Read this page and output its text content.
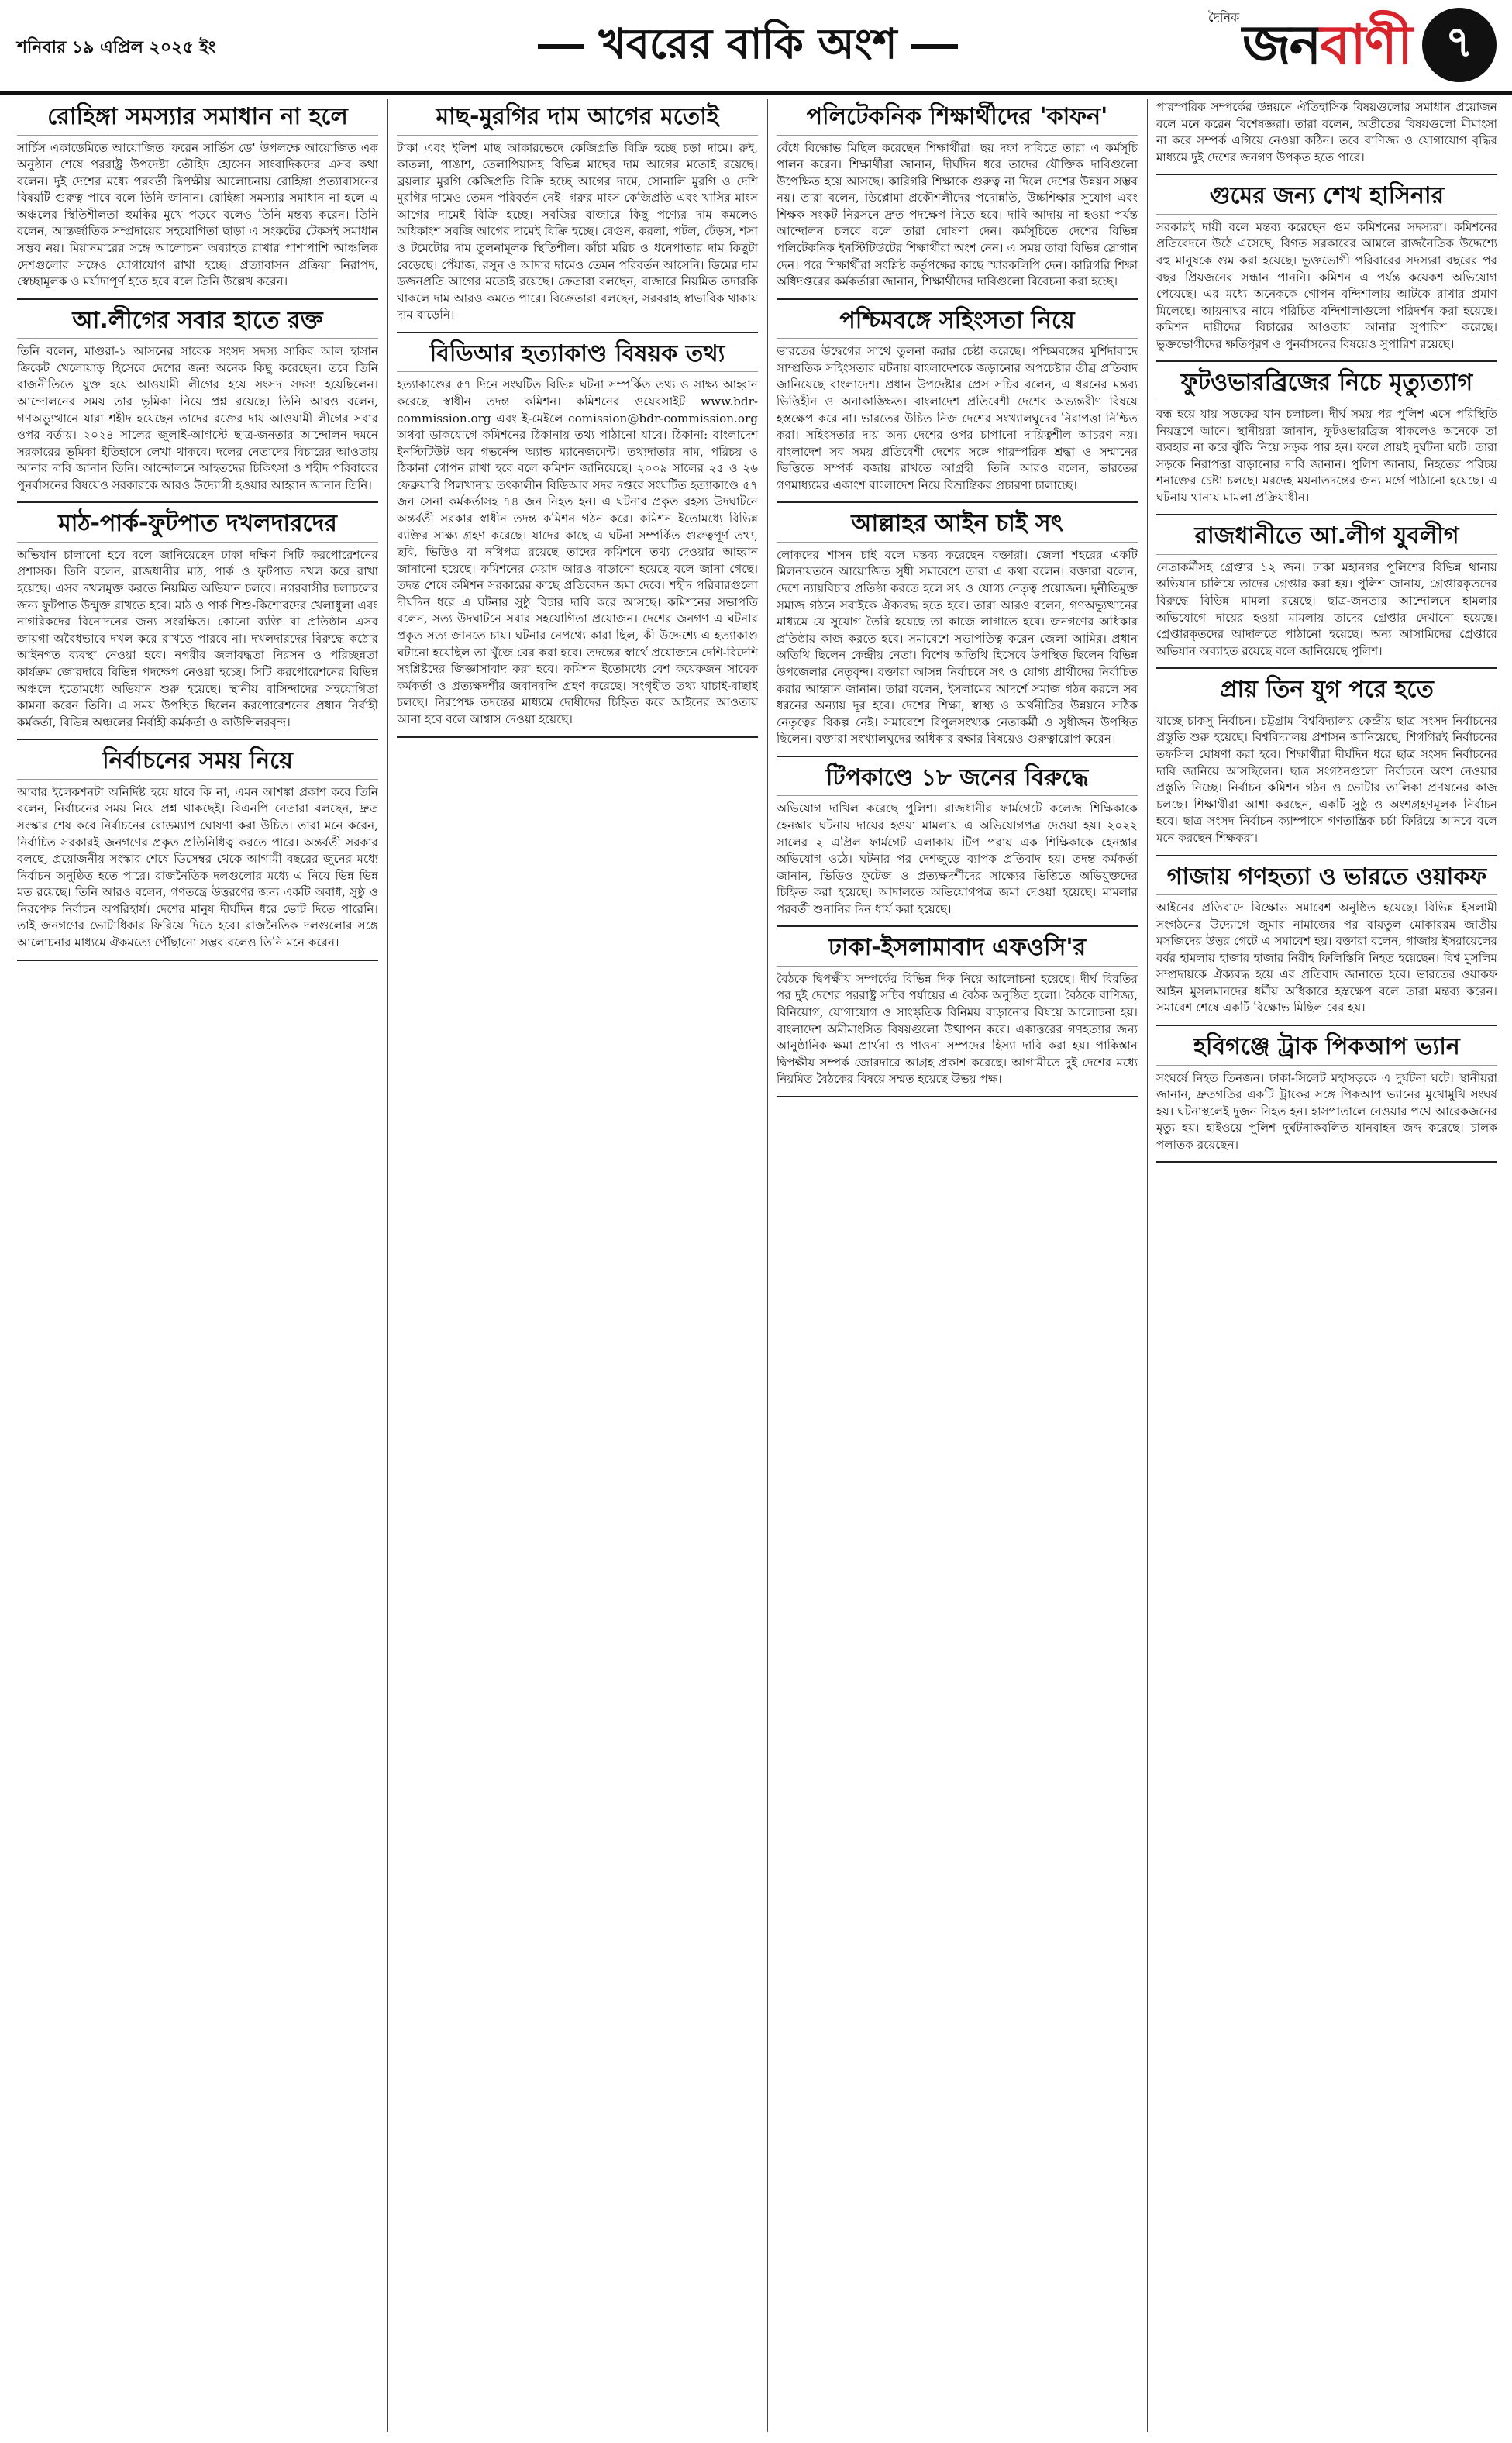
শনিবার ১৯ এপ্রিল ২০২৫ ইং	খবরের বাকি অংশ
দৈনিক জনবাণী ৭
রোহিঙ্গা সমস্যার সমাধান না হলে
সার্চিস একাডেমিতে আয়োজিত 'ফরেন সার্ভিস ডে' উপলক্ষে আয়োজিত এক অনুষ্ঠান শেষে পররাষ্ট্র উপদেষ্টা তৌহিদ হোসেন সাংবাদিকদের এসব কথা বলেন। দুই দেশের মধ্যে পরবর্তী দ্বিপক্ষীয় আলোচনায় রোহিঙ্গা প্রত্যাবাসনের বিষয়টি গুরুত্ব পাবে বলে তিনি জানান। রোহিঙ্গা সমস্যার সমাধান না হলে এ অঞ্চলের স্থিতিশীলতা হুমকির মুখে পড়বে বলেও তিনি মন্তব্য করেন। তিনি বলেন, আন্তর্জাতিক সম্প্রদায়ের সহযোগিতা ছাড়া এ সংকটের টেকসই সমাধান সম্ভব নয়। মিয়ানমারের সঙ্গে আলোচনা অব্যাহত রাখার পাশাপাশি আঞ্চলিক দেশগুলোর সঙ্গেও যোগাযোগ রাখা হচ্ছে। প্রত্যাবাসন প্রক্রিয়া নিরাপদ, স্বেচ্ছামূলক ও মর্যাদাপূর্ণ হতে হবে বলে তিনি উল্লেখ করেন।
আ.লীগের সবার হাতে রক্ত
তিনি বলেন, মাগুরা-১ আসনের সাবেক সংসদ সদস্য সাকিব আল হাসান ক্রিকেট খেলোয়াড় হিসেবে দেশের জন্য অনেক কিছু করেছেন। তবে তিনি রাজনীতিতে যুক্ত হয়ে আওয়ামী লীগের হয়ে সংসদ সদস্য হয়েছিলেন। আন্দোলনের সময় তার ভূমিকা নিয়ে প্রশ্ন রয়েছে। তিনি আরও বলেন, গণঅভ্যুত্থানে যারা শহীদ হয়েছেন তাদের রক্তের দায় আওয়ামী লীগের সবার ওপর বর্তায়। ২০২৪ সালের জুলাই-আগস্টে ছাত্র-জনতার আন্দোলন দমনে সরকারের ভূমিকা ইতিহাসে লেখা থাকবে। দলের নেতাদের বিচারের আওতায় আনার দাবি জানান তিনি। আন্দোলনে আহতদের চিকিৎসা ও শহীদ পরিবারের পুনর্বাসনের বিষয়েও সরকারকে আরও উদ্যোগী হওয়ার আহ্বান জানান তিনি।
মাঠ-পার্ক-ফুটপাত দখলদারদের
অভিযান চালানো হবে বলে জানিয়েছেন ঢাকা দক্ষিণ সিটি করপোরেশনের প্রশাসক। তিনি বলেন, রাজধানীর মাঠ, পার্ক ও ফুটপাত দখল করে রাখা হয়েছে। এসব দখলমুক্ত করতে নিয়মিত অভিযান চলবে। নগরবাসীর চলাচলের জন্য ফুটপাত উন্মুক্ত রাখতে হবে। মাঠ ও পার্ক শিশু-কিশোরদের খেলাধুলা এবং নাগরিকদের বিনোদনের জন্য সংরক্ষিত। কোনো ব্যক্তি বা প্রতিষ্ঠান এসব জায়গা অবৈধভাবে দখল করে রাখতে পারবে না। দখলদারদের বিরুদ্ধে কঠোর আইনগত ব্যবস্থা নেওয়া হবে। নগরীর জলাবদ্ধতা নিরসন ও পরিচ্ছন্নতা কার্যক্রম জোরদারে বিভিন্ন পদক্ষেপ নেওয়া হচ্ছে। সিটি করপোরেশনের বিভিন্ন অঞ্চলে ইতোমধ্যে অভিযান শুরু হয়েছে। স্থানীয় বাসিন্দাদের সহযোগিতা কামনা করেন তিনি। এ সময় উপস্থিত ছিলেন করপোরেশনের প্রধান নির্বাহী কর্মকর্তা, বিভিন্ন অঞ্চলের নির্বাহী কর্মকর্তা ও কাউন্সিলরবৃন্দ।
নির্বাচনের সময় নিয়ে
আবার ইলেকশনটা অনির্দিষ্ট হয়ে যাবে কি না, এমন আশঙ্কা প্রকাশ করে তিনি বলেন, নির্বাচনের সময় নিয়ে প্রশ্ন থাকছেই। বিএনপি নেতারা বলছেন, দ্রুত সংস্কার শেষ করে নির্বাচনের রোডম্যাপ ঘোষণা করা উচিত। তারা মনে করেন, নির্বাচিত সরকারই জনগণের প্রকৃত প্রতিনিধিত্ব করতে পারে। অন্তর্বর্তী সরকার বলছে, প্রয়োজনীয় সংস্কার শেষে ডিসেম্বর থেকে আগামী বছরের জুনের মধ্যে নির্বাচন অনুষ্ঠিত হতে পারে। রাজনৈতিক দলগুলোর মধ্যে এ নিয়ে ভিন্ন ভিন্ন মত রয়েছে। তিনি আরও বলেন, গণতন্ত্রে উত্তরণের জন্য একটি অবাধ, সুষ্ঠু ও নিরপেক্ষ নির্বাচন অপরিহার্য। দেশের মানুষ দীর্ঘদিন ধরে ভোট দিতে পারেনি। তাই জনগণের ভোটাধিকার ফিরিয়ে দিতে হবে। রাজনৈতিক দলগুলোর সঙ্গে আলোচনার মাধ্যমে ঐকমত্যে পৌঁছানো সম্ভব বলেও তিনি মনে করেন।
মাছ-মুরগির দাম আগের মতোই
টাকা এবং ইলিশ মাছ আকারভেদে কেজিপ্রতি বিক্রি হচ্ছে চড়া দামে। রুই, কাতলা, পাঙাশ, তেলাপিয়াসহ বিভিন্ন মাছের দাম আগের মতোই রয়েছে। ব্রয়লার মুরগি কেজিপ্রতি বিক্রি হচ্ছে আগের দামে, সোনালি মুরগি ও দেশি মুরগির দামেও তেমন পরিবর্তন নেই। গরুর মাংস কেজিপ্রতি এবং খাসির মাংস আগের দামেই বিক্রি হচ্ছে। সবজির বাজারে কিছু পণ্যের দাম কমলেও অধিকাংশ সবজি আগের দামেই বিক্রি হচ্ছে। বেগুন, করলা, পটল, ঢেঁড়স, শসা ও টমেটোর দাম তুলনামূলক স্থিতিশীল। কাঁচা মরিচ ও ধনেপাতার দাম কিছুটা বেড়েছে। পেঁয়াজ, রসুন ও আদার দামেও তেমন পরিবর্তন আসেনি। ডিমের দাম ডজনপ্রতি আগের মতোই রয়েছে। ক্রেতারা বলছেন, বাজারে নিয়মিত তদারকি থাকলে দাম আরও কমতে পারে। বিক্রেতারা বলছেন, সরবরাহ স্বাভাবিক থাকায় দাম বাড়েনি।
বিডিআর হত্যাকাণ্ড বিষয়ক তথ্য
হত্যাকাণ্ডের ৫৭ দিনে সংঘটিত বিভিন্ন ঘটনা সম্পর্কিত তথ্য ও সাক্ষ্য আহ্বান করেছে স্বাধীন তদন্ত কমিশন। কমিশনের ওয়েবসাইট www.bdr-commission.org এবং ই-মেইলে comission@bdr-commission.org অথবা ডাকযোগে কমিশনের ঠিকানায় তথ্য পাঠানো যাবে। ঠিকানা: বাংলাদেশ ইনস্টিটিউট অব গভর্নেন্স অ্যান্ড ম্যানেজমেন্ট। তথ্যদাতার নাম, পরিচয় ও ঠিকানা গোপন রাখা হবে বলে কমিশন জানিয়েছে। ২০০৯ সালের ২৫ ও ২৬ ফেব্রুয়ারি পিলখানায় তৎকালীন বিডিআর সদর দপ্তরে সংঘটিত হত্যাকাণ্ডে ৫৭ জন সেনা কর্মকর্তাসহ ৭৪ জন নিহত হন। এ ঘটনার প্রকৃত রহস্য উদঘাটনে অন্তর্বর্তী সরকার স্বাধীন তদন্ত কমিশন গঠন করে। কমিশন ইতোমধ্যে বিভিন্ন ব্যক্তির সাক্ষ্য গ্রহণ করেছে। যাদের কাছে এ ঘটনা সম্পর্কিত গুরুত্বপূর্ণ তথ্য, ছবি, ভিডিও বা নথিপত্র রয়েছে তাদের কমিশনে তথ্য দেওয়ার আহ্বান জানানো হয়েছে। কমিশনের মেয়াদ আরও বাড়ানো হয়েছে বলে জানা গেছে। তদন্ত শেষে কমিশন সরকারের কাছে প্রতিবেদন জমা দেবে। শহীদ পরিবারগুলো দীর্ঘদিন ধরে এ ঘটনার সুষ্ঠু বিচার দাবি করে আসছে। কমিশনের সভাপতি বলেন, সত্য উদঘাটনে সবার সহযোগিতা প্রয়োজন। দেশের জনগণ এ ঘটনার প্রকৃত সত্য জানতে চায়। ঘটনার নেপথ্যে কারা ছিল, কী উদ্দেশ্যে এ হত্যাকাণ্ড ঘটানো হয়েছিল তা খুঁজে বের করা হবে। তদন্তের স্বার্থে প্রয়োজনে দেশি-বিদেশি সংশ্লিষ্টদের জিজ্ঞাসাবাদ করা হবে। কমিশন ইতোমধ্যে বেশ কয়েকজন সাবেক কর্মকর্তা ও প্রত্যক্ষদর্শীর জবানবন্দি গ্রহণ করেছে। সংগৃহীত তথ্য যাচাই-বাছাই চলছে। নিরপেক্ষ তদন্তের মাধ্যমে দোষীদের চিহ্নিত করে আইনের আওতায় আনা হবে বলে আশ্বাস দেওয়া হয়েছে।
পলিটেকনিক শিক্ষার্থীদের 'কাফন'
বেঁধে বিক্ষোভ মিছিল করেছেন শিক্ষার্থীরা। ছয় দফা দাবিতে তারা এ কর্মসূচি পালন করেন। শিক্ষার্থীরা জানান, দীর্ঘদিন ধরে তাদের যৌক্তিক দাবিগুলো উপেক্ষিত হয়ে আসছে। কারিগরি শিক্ষাকে গুরুত্ব না দিলে দেশের উন্নয়ন সম্ভব নয়। তারা বলেন, ডিপ্লোমা প্রকৌশলীদের পদোন্নতি, উচ্চশিক্ষার সুযোগ এবং শিক্ষক সংকট নিরসনে দ্রুত পদক্ষেপ নিতে হবে। দাবি আদায় না হওয়া পর্যন্ত আন্দোলন চলবে বলে তারা ঘোষণা দেন। কর্মসূচিতে দেশের বিভিন্ন পলিটেকনিক ইনস্টিটিউটের শিক্ষার্থীরা অংশ নেন। এ সময় তারা বিভিন্ন স্লোগান দেন। পরে শিক্ষার্থীরা সংশ্লিষ্ট কর্তৃপক্ষের কাছে স্মারকলিপি দেন। কারিগরি শিক্ষা অধিদপ্তরের কর্মকর্তারা জানান, শিক্ষার্থীদের দাবিগুলো বিবেচনা করা হচ্ছে।
পশ্চিমবঙ্গে সহিংসতা নিয়ে
ভারতের উদ্বেগের সাথে তুলনা করার চেষ্টা করেছে। পশ্চিমবঙ্গের মুর্শিদাবাদে সাম্প্রতিক সহিংসতার ঘটনায় বাংলাদেশকে জড়ানোর অপচেষ্টার তীব্র প্রতিবাদ জানিয়েছে বাংলাদেশ। প্রধান উপদেষ্টার প্রেস সচিব বলেন, এ ধরনের মন্তব্য ভিত্তিহীন ও অনাকাঙ্ক্ষিত। বাংলাদেশ প্রতিবেশী দেশের অভ্যন্তরীণ বিষয়ে হস্তক্ষেপ করে না। ভারতের উচিত নিজ দেশের সংখ্যালঘুদের নিরাপত্তা নিশ্চিত করা। সহিংসতার দায় অন্য দেশের ওপর চাপানো দায়িত্বশীল আচরণ নয়। বাংলাদেশ সব সময় প্রতিবেশী দেশের সঙ্গে পারস্পরিক শ্রদ্ধা ও সম্মানের ভিত্তিতে সম্পর্ক বজায় রাখতে আগ্রহী। তিনি আরও বলেন, ভারতের গণমাধ্যমের একাংশ বাংলাদেশ নিয়ে বিভ্রান্তিকর প্রচারণা চালাচ্ছে।
আল্লাহর আইন চাই সৎ
লোকদের শাসন চাই বলে মন্তব্য করেছেন বক্তারা। জেলা শহরের একটি মিলনায়তনে আয়োজিত সুধী সমাবেশে তারা এ কথা বলেন। বক্তারা বলেন, দেশে ন্যায়বিচার প্রতিষ্ঠা করতে হলে সৎ ও যোগ্য নেতৃত্ব প্রয়োজন। দুর্নীতিমুক্ত সমাজ গঠনে সবাইকে ঐক্যবদ্ধ হতে হবে। তারা আরও বলেন, গণঅভ্যুত্থানের মাধ্যমে যে সুযোগ তৈরি হয়েছে তা কাজে লাগাতে হবে। জনগণের অধিকার প্রতিষ্ঠায় কাজ করতে হবে। সমাবেশে সভাপতিত্ব করেন জেলা আমির। প্রধান অতিথি ছিলেন কেন্দ্রীয় নেতা। বিশেষ অতিথি হিসেবে উপস্থিত ছিলেন বিভিন্ন উপজেলার নেতৃবৃন্দ। বক্তারা আসন্ন নির্বাচনে সৎ ও যোগ্য প্রার্থীদের নির্বাচিত করার আহ্বান জানান। তারা বলেন, ইসলামের আদর্শে সমাজ গঠন করলে সব ধরনের অন্যায় দূর হবে। দেশের শিক্ষা, স্বাস্থ্য ও অর্থনীতির উন্নয়নে সঠিক নেতৃত্বের বিকল্প নেই। সমাবেশে বিপুলসংখ্যক নেতাকর্মী ও সুধীজন উপস্থিত ছিলেন। বক্তারা সংখ্যালঘুদের অধিকার রক্ষার বিষয়েও গুরুত্বারোপ করেন।
টিপকাণ্ডে ১৮ জনের বিরুদ্ধে
অভিযোগ দাখিল করেছে পুলিশ। রাজধানীর ফার্মগেটে কলেজ শিক্ষিকাকে হেনস্তার ঘটনায় দায়ের হওয়া মামলায় এ অভিযোগপত্র দেওয়া হয়। ২০২২ সালের ২ এপ্রিল ফার্মগেট এলাকায় টিপ পরায় এক শিক্ষিকাকে হেনস্তার অভিযোগ ওঠে। ঘটনার পর দেশজুড়ে ব্যাপক প্রতিবাদ হয়। তদন্ত কর্মকর্তা জানান, ভিডিও ফুটেজ ও প্রত্যক্ষদর্শীদের সাক্ষ্যের ভিত্তিতে অভিযুক্তদের চিহ্নিত করা হয়েছে। আদালতে অভিযোগপত্র জমা দেওয়া হয়েছে। মামলার পরবর্তী শুনানির দিন ধার্য করা হয়েছে।
ঢাকা-ইসলামাবাদ এফওসি'র
বৈঠকে দ্বিপক্ষীয় সম্পর্কের বিভিন্ন দিক নিয়ে আলোচনা হয়েছে। দীর্ঘ বিরতির পর দুই দেশের পররাষ্ট্র সচিব পর্যায়ের এ বৈঠক অনুষ্ঠিত হলো। বৈঠকে বাণিজ্য, বিনিয়োগ, যোগাযোগ ও সাংস্কৃতিক বিনিময় বাড়ানোর বিষয়ে আলোচনা হয়। বাংলাদেশ অমীমাংসিত বিষয়গুলো উত্থাপন করে। একাত্তরের গণহত্যার জন্য আনুষ্ঠানিক ক্ষমা প্রার্থনা ও পাওনা সম্পদের হিস্যা দাবি করা হয়। পাকিস্তান দ্বিপক্ষীয় সম্পর্ক জোরদারে আগ্রহ প্রকাশ করেছে। আগামীতে দুই দেশের মধ্যে নিয়মিত বৈঠকের বিষয়ে সম্মত হয়েছে উভয় পক্ষ।
পারস্পরিক সম্পর্কের উন্নয়নে ঐতিহাসিক বিষয়গুলোর সমাধান প্রয়োজন বলে মনে করেন বিশেষজ্ঞরা। তারা বলেন, অতীতের বিষয়গুলো মীমাংসা না করে সম্পর্ক এগিয়ে নেওয়া কঠিন। তবে বাণিজ্য ও যোগাযোগ বৃদ্ধির মাধ্যমে দুই দেশের জনগণ উপকৃত হতে পারে।
গুমের জন্য শেখ হাসিনার
সরকারই দায়ী বলে মন্তব্য করেছেন গুম কমিশনের সদস্যরা। কমিশনের প্রতিবেদনে উঠে এসেছে, বিগত সরকারের আমলে রাজনৈতিক উদ্দেশ্যে বহু মানুষকে গুম করা হয়েছে। ভুক্তভোগী পরিবারের সদস্যরা বছরের পর বছর প্রিয়জনের সন্ধান পাননি। কমিশন এ পর্যন্ত কয়েকশ অভিযোগ পেয়েছে। এর মধ্যে অনেককে গোপন বন্দিশালায় আটকে রাখার প্রমাণ মিলেছে। আয়নাঘর নামে পরিচিত বন্দিশালাগুলো পরিদর্শন করা হয়েছে। কমিশন দায়ীদের বিচারের আওতায় আনার সুপারিশ করেছে। ভুক্তভোগীদের ক্ষতিপূরণ ও পুনর্বাসনের বিষয়েও সুপারিশ রয়েছে।
ফুটওভারব্রিজের নিচে মৃত্যুত্যাগ
বন্ধ হয়ে যায় সড়কের যান চলাচল। দীর্ঘ সময় পর পুলিশ এসে পরিস্থিতি নিয়ন্ত্রণে আনে। স্থানীয়রা জানান, ফুটওভারব্রিজ থাকলেও অনেকে তা ব্যবহার না করে ঝুঁকি নিয়ে সড়ক পার হন। ফলে প্রায়ই দুর্ঘটনা ঘটে। তারা সড়কে নিরাপত্তা বাড়ানোর দাবি জানান। পুলিশ জানায়, নিহতের পরিচয় শনাক্তের চেষ্টা চলছে। মরদেহ ময়নাতদন্তের জন্য মর্গে পাঠানো হয়েছে। এ ঘটনায় থানায় মামলা প্রক্রিয়াধীন।
রাজধানীতে আ.লীগ যুবলীগ
নেতাকর্মীসহ গ্রেপ্তার ১২ জন। ঢাকা মহানগর পুলিশের বিভিন্ন থানায় অভিযান চালিয়ে তাদের গ্রেপ্তার করা হয়। পুলিশ জানায়, গ্রেপ্তারকৃতদের বিরুদ্ধে বিভিন্ন মামলা রয়েছে। ছাত্র-জনতার আন্দোলনে হামলার অভিযোগে দায়ের হওয়া মামলায় তাদের গ্রেপ্তার দেখানো হয়েছে। গ্রেপ্তারকৃতদের আদালতে পাঠানো হয়েছে। অন্য আসামিদের গ্রেপ্তারে অভিযান অব্যাহত রয়েছে বলে জানিয়েছে পুলিশ।
প্রায় তিন যুগ পরে হতে
যাচ্ছে চাকসু নির্বাচন। চট্টগ্রাম বিশ্ববিদ্যালয় কেন্দ্রীয় ছাত্র সংসদ নির্বাচনের প্রস্তুতি শুরু হয়েছে। বিশ্ববিদ্যালয় প্রশাসন জানিয়েছে, শিগগিরই নির্বাচনের তফসিল ঘোষণা করা হবে। শিক্ষার্থীরা দীর্ঘদিন ধরে ছাত্র সংসদ নির্বাচনের দাবি জানিয়ে আসছিলেন। ছাত্র সংগঠনগুলো নির্বাচনে অংশ নেওয়ার প্রস্তুতি নিচ্ছে। নির্বাচন কমিশন গঠন ও ভোটার তালিকা প্রণয়নের কাজ চলছে। শিক্ষার্থীরা আশা করছেন, একটি সুষ্ঠু ও অংশগ্রহণমূলক নির্বাচন হবে। ছাত্র সংসদ নির্বাচন ক্যাম্পাসে গণতান্ত্রিক চর্চা ফিরিয়ে আনবে বলে মনে করছেন শিক্ষকরা।
গাজায় গণহত্যা ও ভারতে ওয়াকফ
আইনের প্রতিবাদে বিক্ষোভ সমাবেশ অনুষ্ঠিত হয়েছে। বিভিন্ন ইসলামী সংগঠনের উদ্যোগে জুমার নামাজের পর বায়তুল মোকাররম জাতীয় মসজিদের উত্তর গেটে এ সমাবেশ হয়। বক্তারা বলেন, গাজায় ইসরায়েলের বর্বর হামলায় হাজার হাজার নিরীহ ফিলিস্তিনি নিহত হয়েছেন। বিশ্ব মুসলিম সম্প্রদায়কে ঐক্যবদ্ধ হয়ে এর প্রতিবাদ জানাতে হবে। ভারতের ওয়াকফ আইন মুসলমানদের ধর্মীয় অধিকারে হস্তক্ষেপ বলে তারা মন্তব্য করেন। সমাবেশ শেষে একটি বিক্ষোভ মিছিল বের হয়।
হবিগঞ্জে ট্রাক পিকআপ ভ্যান
সংঘর্ষে নিহত তিনজন। ঢাকা-সিলেট মহাসড়কে এ দুর্ঘটনা ঘটে। স্থানীয়রা জানান, দ্রুতগতির একটি ট্রাকের সঙ্গে পিকআপ ভ্যানের মুখোমুখি সংঘর্ষ হয়। ঘটনাস্থলেই দুজন নিহত হন। হাসপাতালে নেওয়ার পথে আরেকজনের মৃত্যু হয়। হাইওয়ে পুলিশ দুর্ঘটনাকবলিত যানবাহন জব্দ করেছে। চালক পলাতক রয়েছেন।
